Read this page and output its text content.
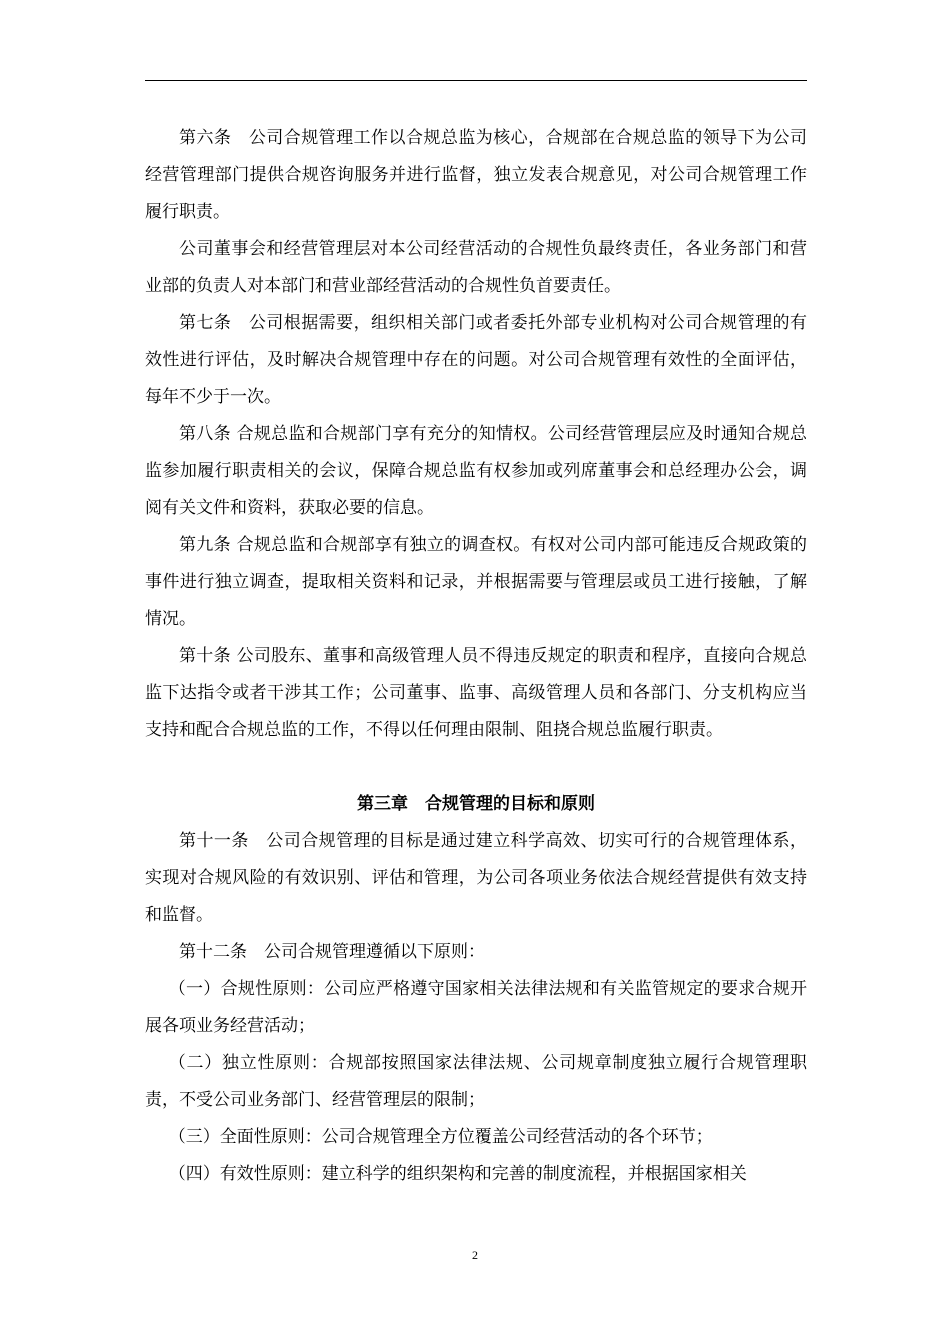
第六条　公司合规管理工作以合规总监为核心，合规部在合规总监的领导下为公司经营管理部门提供合规咨询服务并进行监督，独立发表合规意见，对公司合规管理工作履行职责。

公司董事会和经营管理层对本公司经营活动的合规性负最终责任，各业务部门和营业部的负责人对本部门和营业部经营活动的合规性负首要责任。

第七条　公司根据需要，组织相关部门或者委托外部专业机构对公司合规管理的有效性进行评估，及时解决合规管理中存在的问题。对公司合规管理有效性的全面评估，每年不少于一次。

第八条 合规总监和合规部门享有充分的知情权。公司经营管理层应及时通知合规总监参加履行职责相关的会议，保障合规总监有权参加或列席董事会和总经理办公会，调阅有关文件和资料，获取必要的信息。

第九条 合规总监和合规部享有独立的调查权。有权对公司内部可能违反合规政策的事件进行独立调查，提取相关资料和记录，并根据需要与管理层或员工进行接触，了解情况。

第十条 公司股东、董事和高级管理人员不得违反规定的职责和程序，直接向合规总监下达指令或者干涉其工作；公司董事、监事、高级管理人员和各部门、分支机构应当支持和配合合规总监的工作，不得以任何理由限制、阻挠合规总监履行职责。

第三章　合规管理的目标和原则

第十一条　公司合规管理的目标是通过建立科学高效、切实可行的合规管理体系，实现对合规风险的有效识别、评估和管理，为公司各项业务依法合规经营提供有效支持和监督。

第十二条　公司合规管理遵循以下原则：

（一）合规性原则：公司应严格遵守国家相关法律法规和有关监管规定的要求合规开展各项业务经营活动；

（二）独立性原则：合规部按照国家法律法规、公司规章制度独立履行合规管理职责，不受公司业务部门、经营管理层的限制；

（三）全面性原则：公司合规管理全方位覆盖公司经营活动的各个环节；

（四）有效性原则：建立科学的组织架构和完善的制度流程，并根据国家相关

2
